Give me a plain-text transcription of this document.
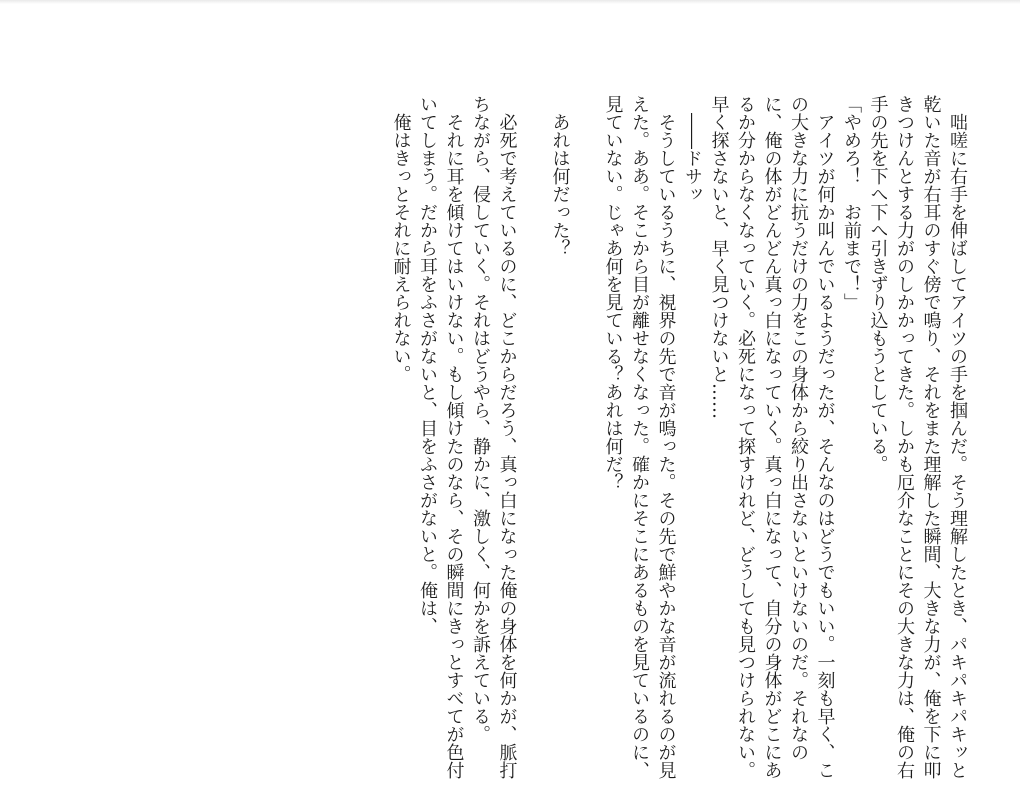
咄嗟に右手を伸ばしてアイツの手を掴んだ。そう理解したとき、パキパキパキッと乾いた音が右耳のすぐ傍で鳴り、それをまた理解した瞬間、大きな力が、俺を下に叩きつけんとする力がのしかかってきた。しかも厄介なことにその大きな力は、俺の右手の先を下へ下へ引きずり込もうとしている。

「やめろ！　お前まで！」

アイツが何か叫んでいるようだったが、そんなのはどうでもいい。一刻も早く、この大きな力に抗うだけの力をこの身体から絞り出さないといけないのだ。それなのに、俺の体がどんどん真っ白になっていく。真っ白になって、自分の身体がどこにあるか分からなくなっていく。必死になって探すけれど、どうしても見つけられない。早く探さないと、早く見つけないと……

――ドサッ

そうしているうちに、視界の先で音が鳴った。その先で鮮やかな音が流れるのが見えた。ああ。そこから目が離せなくなった。確かにそこにあるものを見ているのに、見ていない。じゃあ何を見ている？あれは何だ？

あれは何だった？

必死で考えているのに、どこからだろう、真っ白になった俺の身体を何かが、脈打ちながら、侵していく。それはどうやら、静かに、激しく、何かを訴えている。

それに耳を傾けてはいけない。もし傾けたのなら、その瞬間にきっとすべてが色付いてしまう。だから耳をふさがないと、目をふさがないと。俺は、

俺はきっとそれに耐えられない。
